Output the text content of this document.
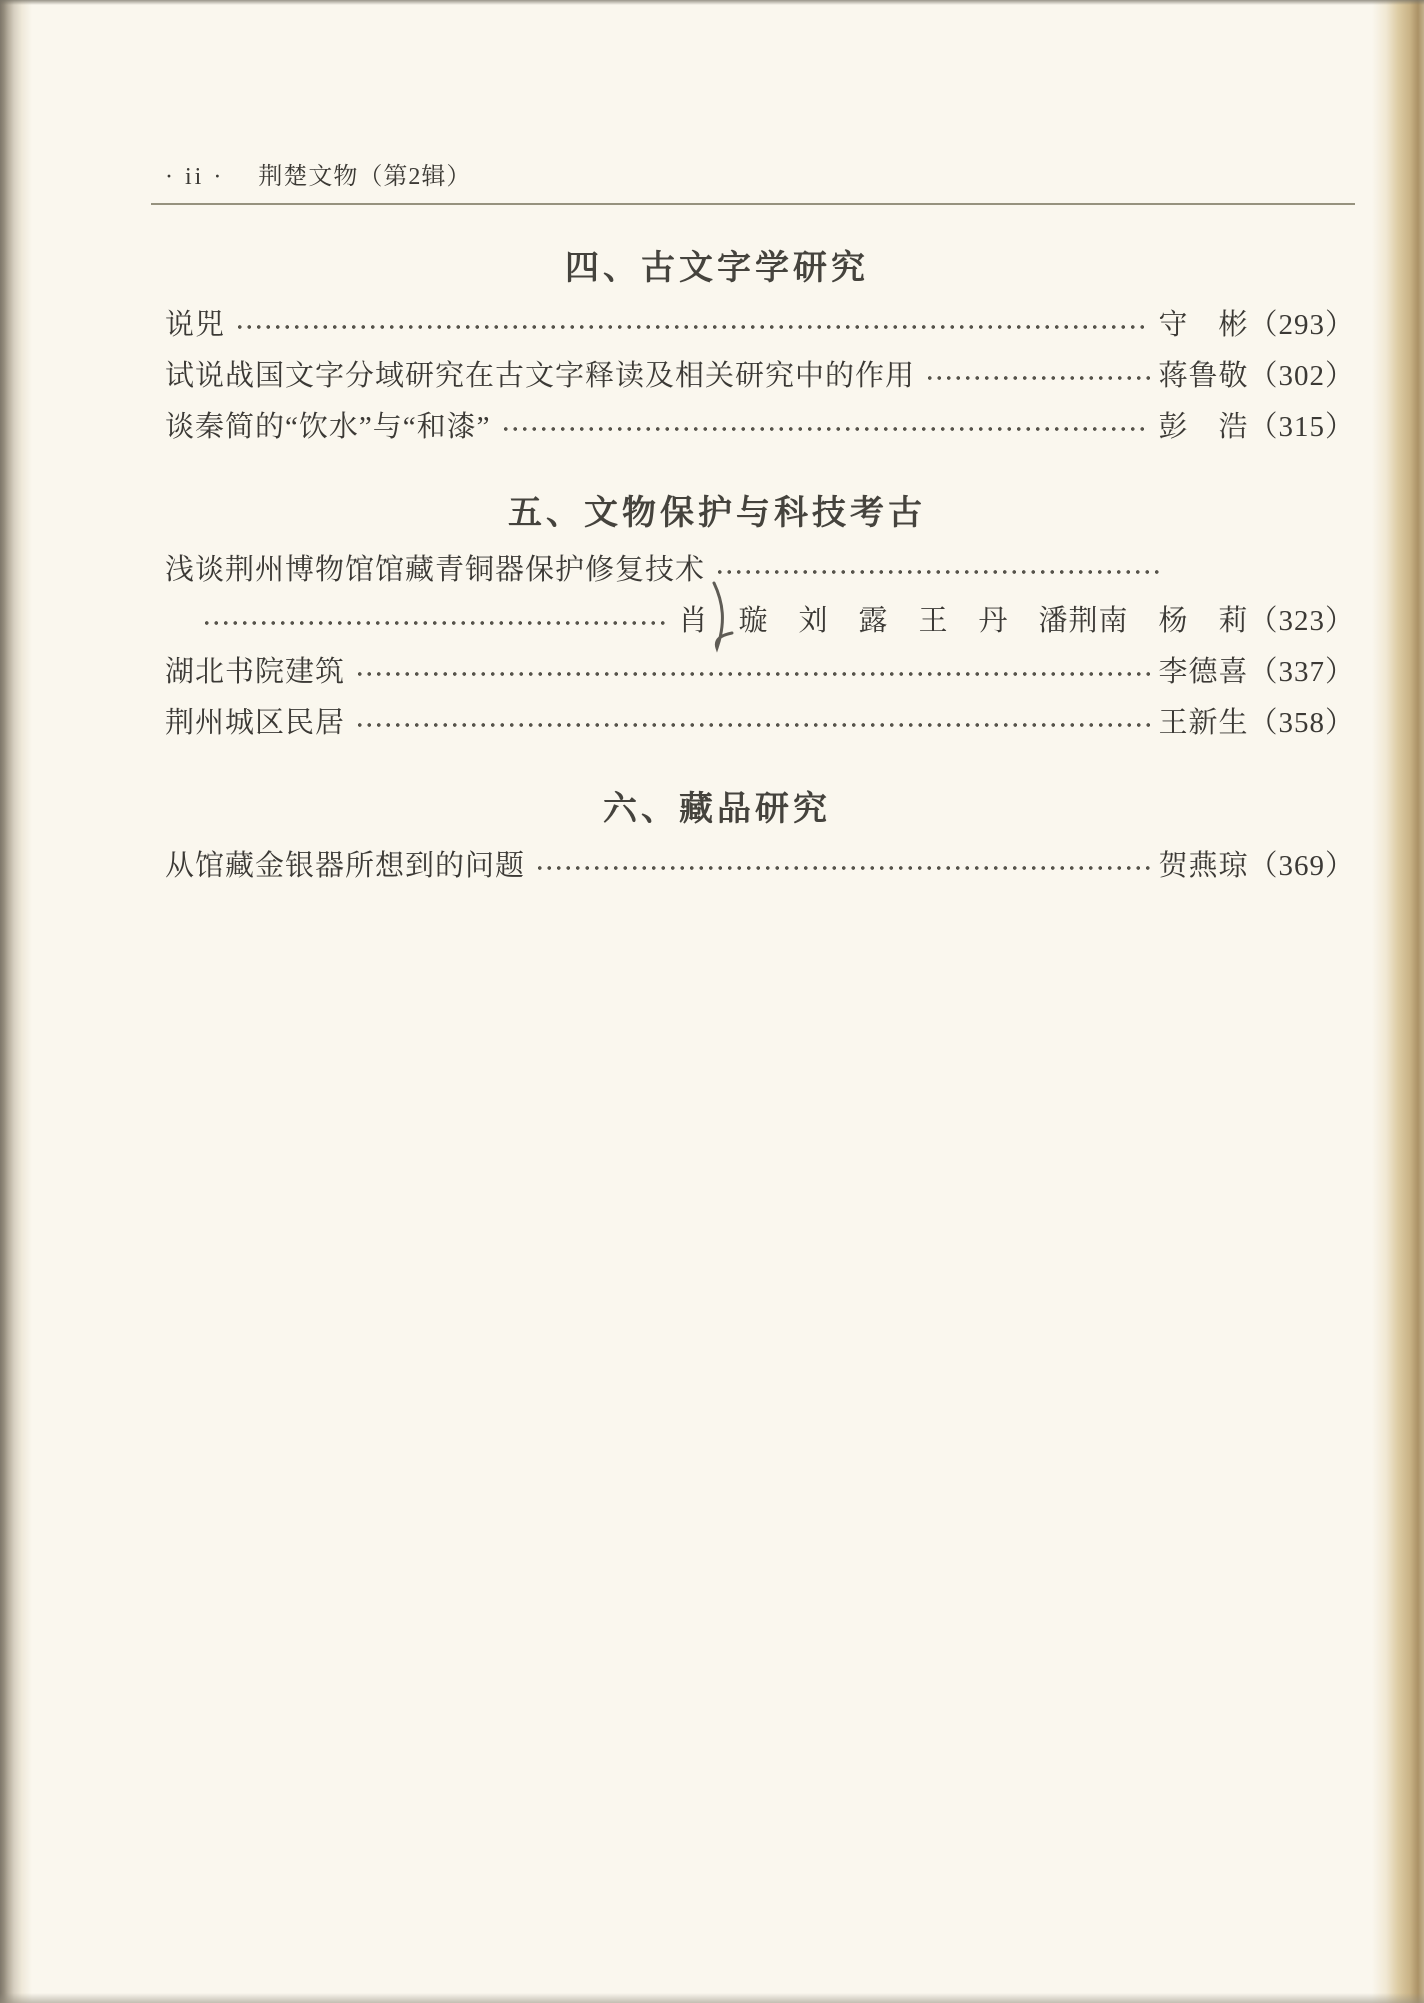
· ii · 荆楚文物（第2辑）
四、古文字学研究
说兕	守　彬（293）
试说战国文字分域研究在古文字释读及相关研究中的作用	蒋鲁敬（302）
谈秦简的“饮水”与“和漆”	彭　浩（315）
五、文物保护与科技考古
浅谈荆州博物馆馆藏青铜器保护修复技术
肖　璇　刘　露　王　丹　潘荆南　杨　莉（323）
湖北书院建筑	李德喜（337）
荆州城区民居	王新生（358）
六、藏品研究
从馆藏金银器所想到的问题	贺燕琼（369）
